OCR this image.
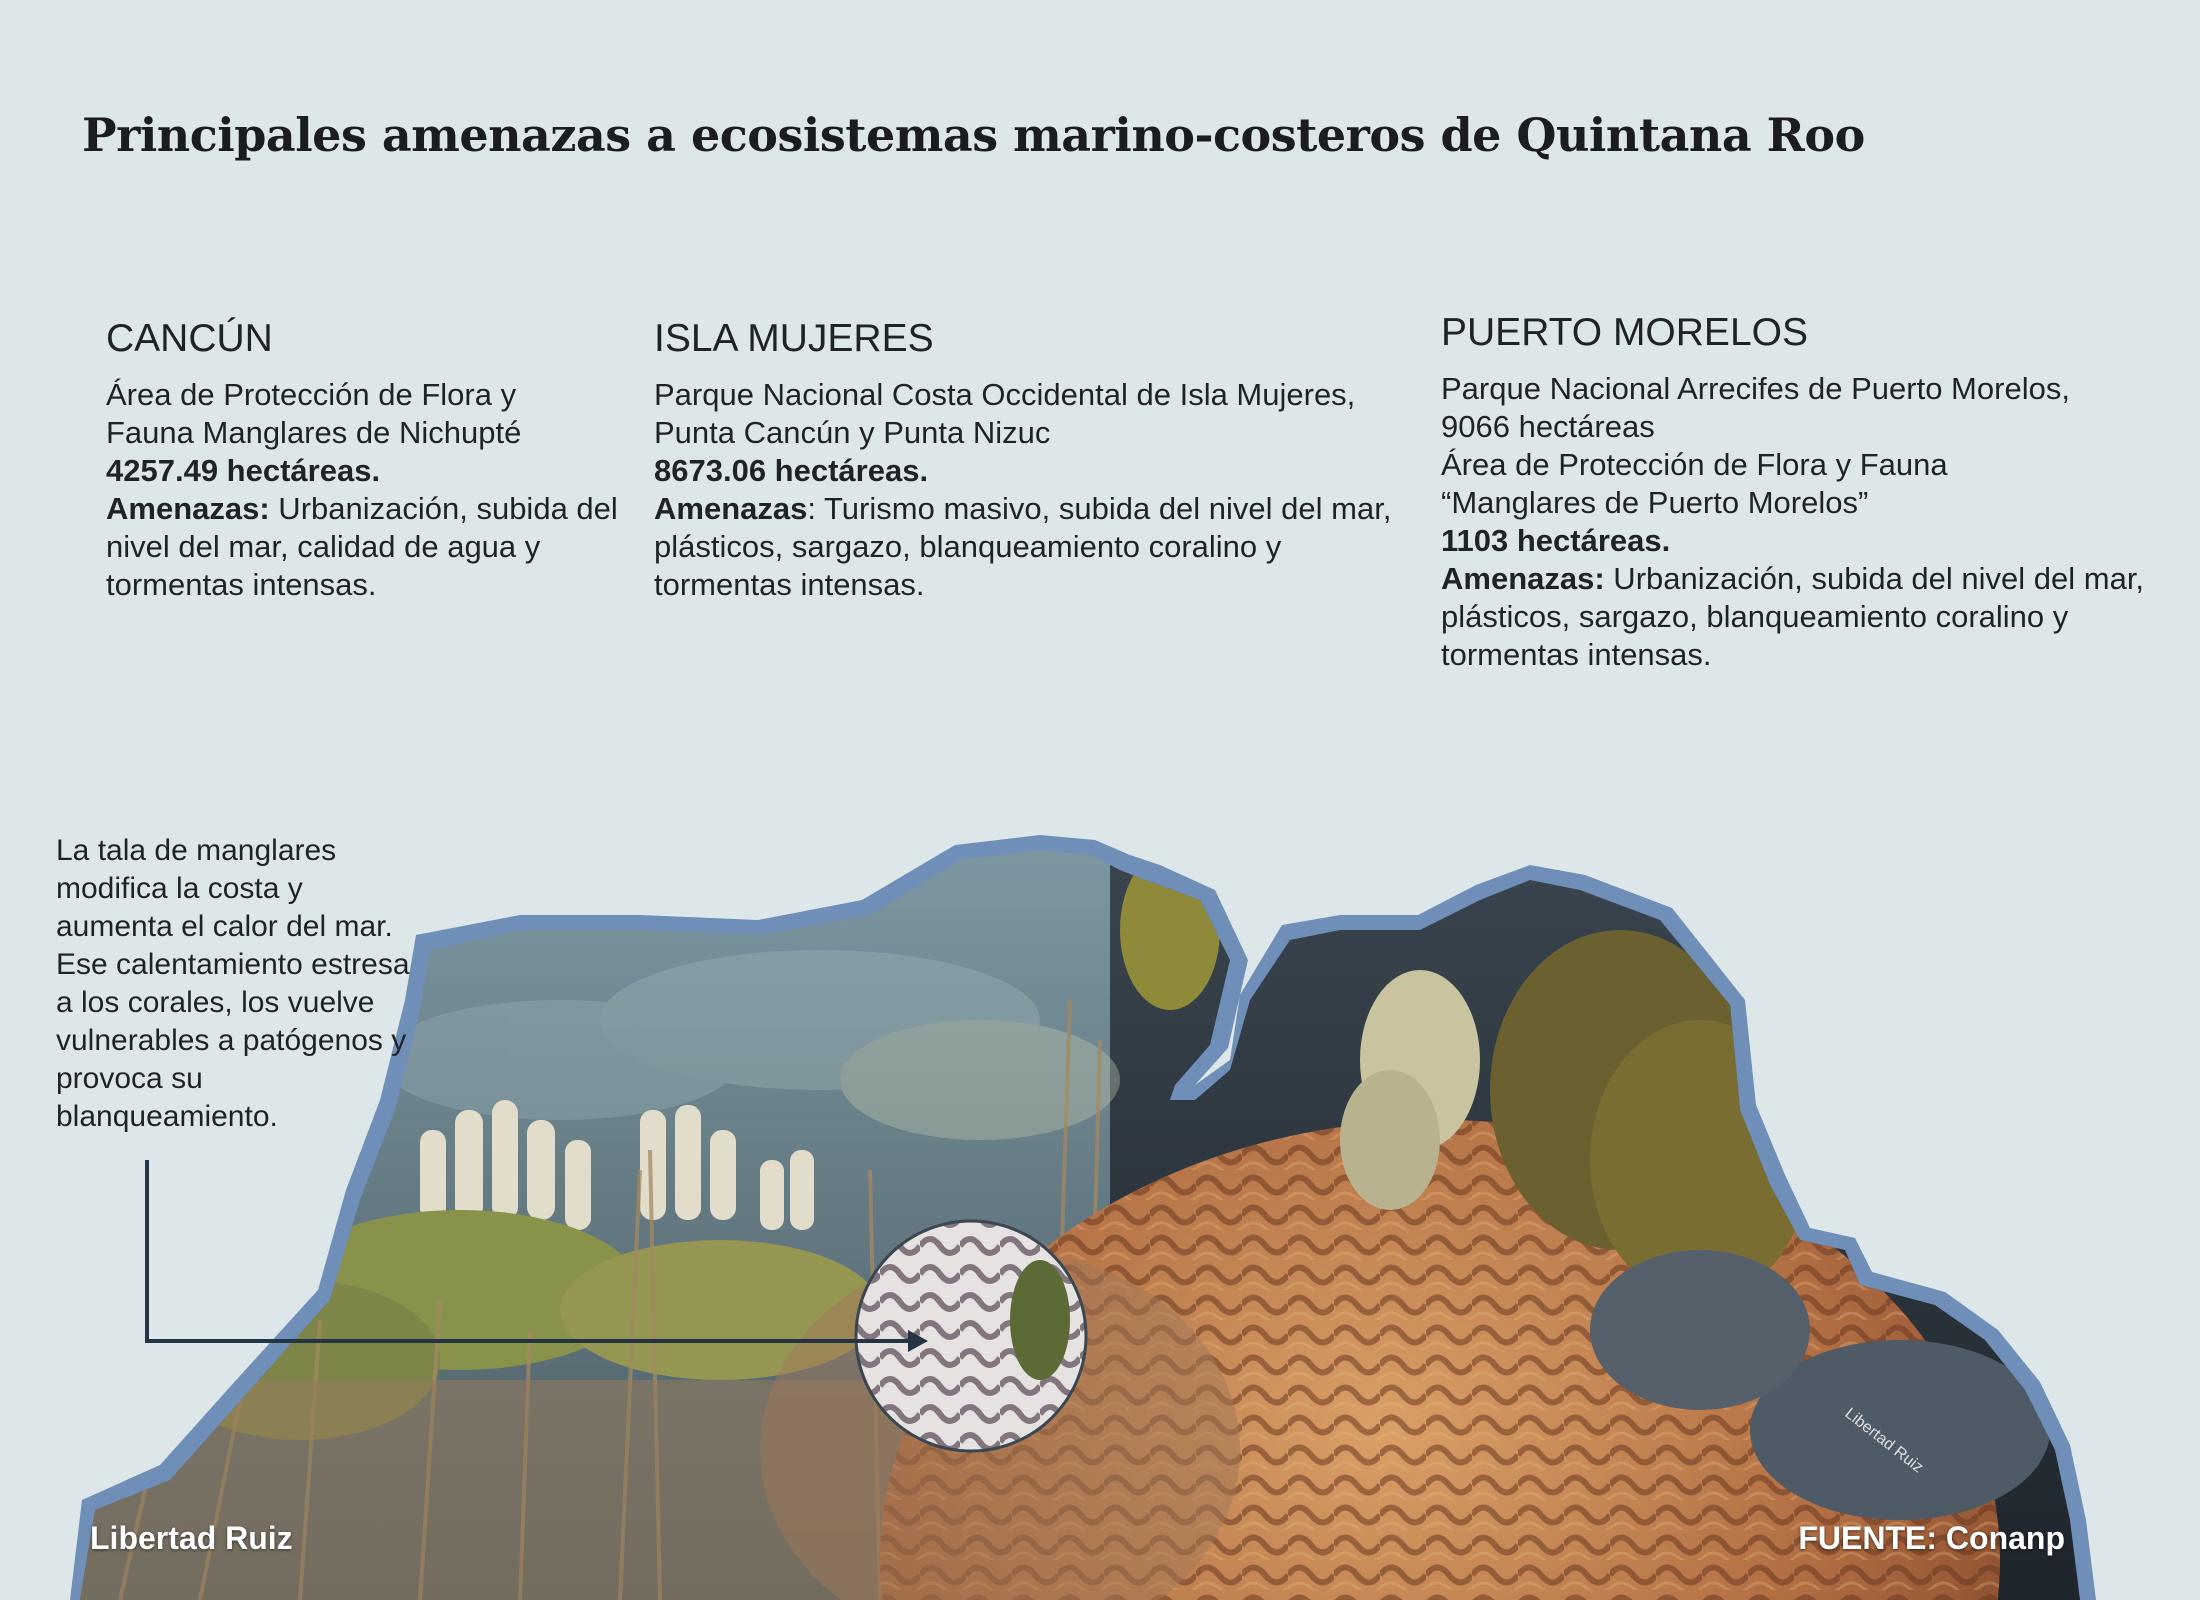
Principales amenazas a ecosistemas marino-costeros de Quintana Roo
CANCÚN

Área de Protección de Flora y
Fauna Manglares de Nichupté

4257.49 hectáreas.

Amenazas: Urbanización, subida del nivel del mar, calidad de agua y tormentas intensas.

ISLA MUJERES

Parque Nacional Costa Occidental de Isla Mujeres,
Punta Cancún y Punta Nizuc

8673.06 hectáreas.

Amenazas: Turismo masivo, subida del nivel del mar, plásticos, sargazo, blanqueamiento coralino y tormentas intensas.

PUERTO MORELOS

Parque Nacional Arrecifes de Puerto Morelos,
9066 hectáreas
Área de Protección de Flora y Fauna
“Manglares de Puerto Morelos”

1103 hectáreas.

Amenazas: Urbanización, subida del nivel del mar, plásticos, sargazo, blanqueamiento coralino y tormentas intensas.

La tala de manglares modifica la costa y aumenta el calor del mar. Ese calentamiento estresa a los corales, los vuelve vulnerables a patógenos y provoca su blanqueamiento.

Libertad Ruiz	FUENTE: Conanp
Libertad Ruiz
